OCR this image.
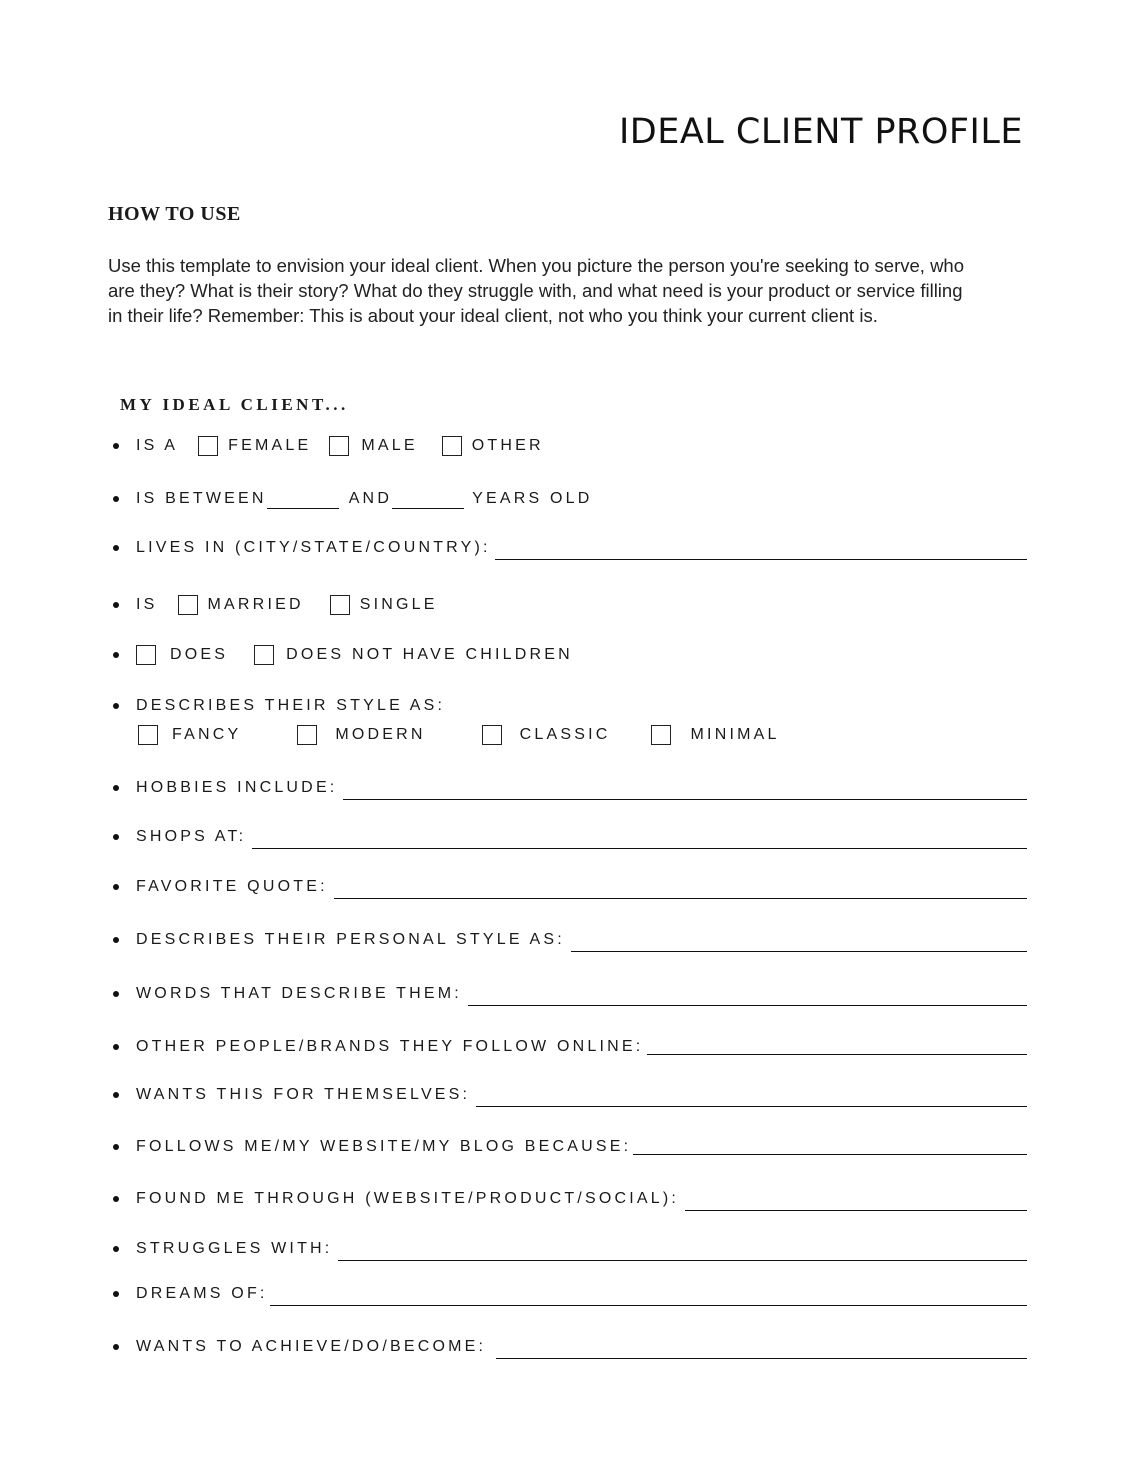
IDEAL CLIENT PROFILE
HOW TO USE

Use this template to envision your ideal client. When you picture the person you're seeking to serve, who

are they? What is their story? What do they struggle with, and what need is your product or service filling

in their life? Remember: This is about your ideal client, not who you think your current client is.

MY IDEAL CLIENT...
IS A	FEMALE	MALE	OTHER
IS BETWEEN	AND	YEARS OLD
LIVES IN (CITY/STATE/COUNTRY):
IS	MARRIED	SINGLE
DOES	DOES NOT HAVE CHILDREN
DESCRIBES THEIR STYLE AS:
FANCY	MODERN	CLASSIC	MINIMAL
HOBBIES INCLUDE:
SHOPS AT:
FAVORITE QUOTE:
DESCRIBES THEIR PERSONAL STYLE AS:
WORDS THAT DESCRIBE THEM:
OTHER PEOPLE/BRANDS THEY FOLLOW ONLINE:
WANTS THIS FOR THEMSELVES:
FOLLOWS ME/MY WEBSITE/MY BLOG BECAUSE:
FOUND ME THROUGH (WEBSITE/PRODUCT/SOCIAL):
STRUGGLES WITH:
DREAMS OF:
WANTS TO ACHIEVE/DO/BECOME:
